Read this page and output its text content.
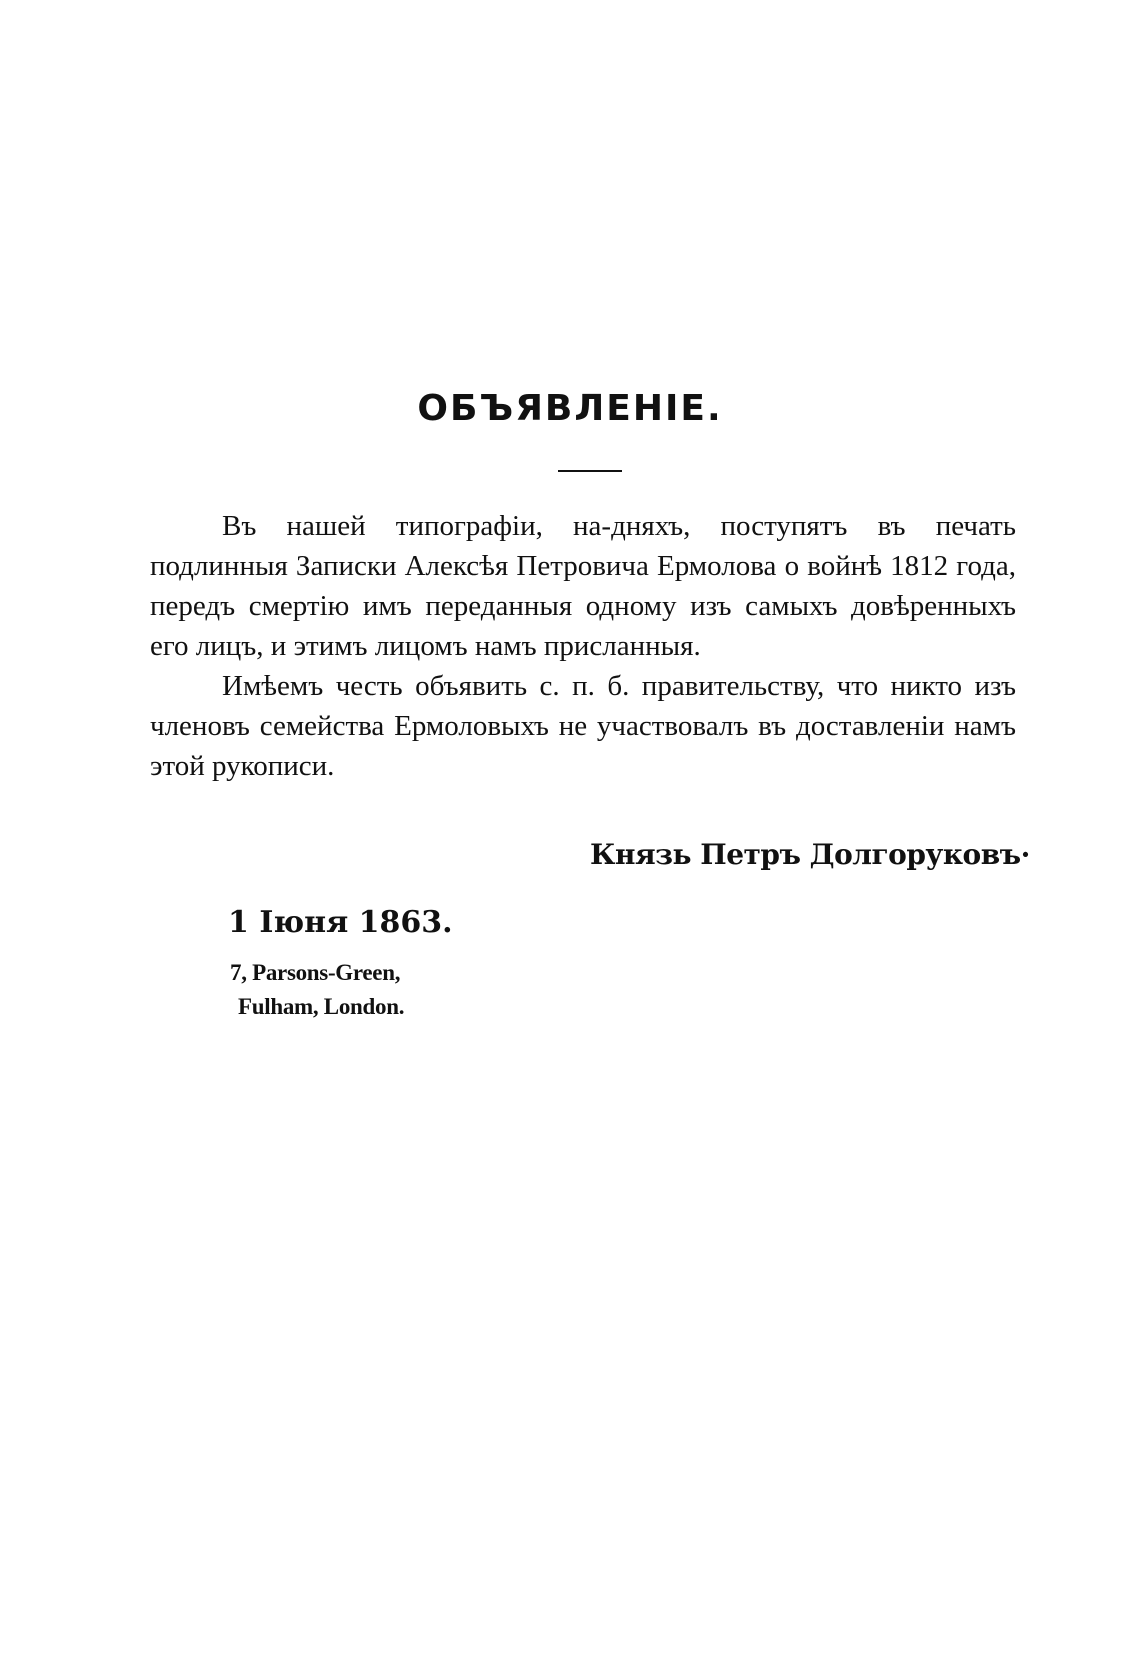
ОБЪЯВЛЕНІЕ.

Въ нашей типографіи, на-дняхъ, поступятъ въ печать подлинныя Записки Алексѣя Петровича Ермолова о войнѣ 1812 года, передъ смертію имъ переданныя одному изъ самыхъ довѣренныхъ его лицъ, и этимъ лицомъ намъ присланныя.

Имѣемъ честь объявить с. п. б. правительству, что никто изъ членовъ семейства Ермоловыхъ не участвовалъ въ доставленіи намъ этой рукописи.

Князь Петръ Долгоруковъ·

1 Іюня 1863.

7, Parsons-Green,
Fulham, London.
